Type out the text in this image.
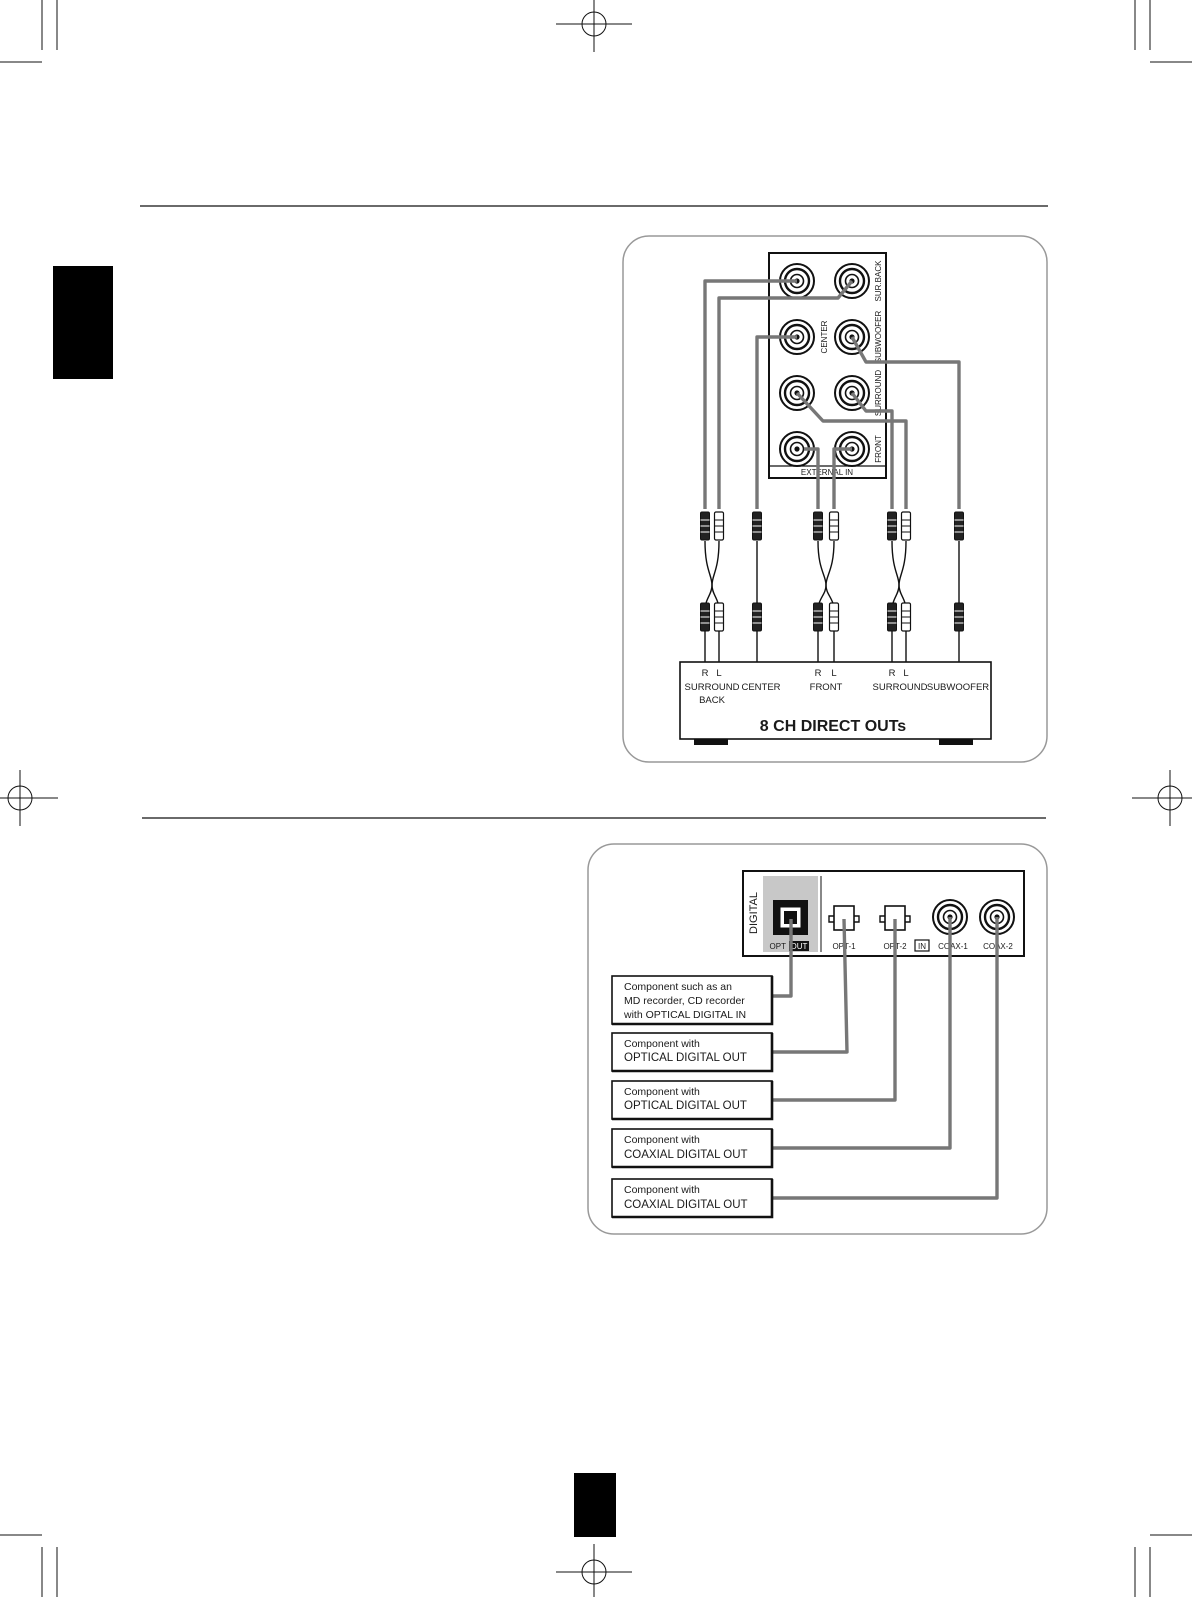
EXTERNAL IN
SUR.BACK
CENTER	SUBWOOFER
SURROUND
FRONT
R L
SURROUND
BACK
CENTER
R L
FRONT
R L
SURROUND SUBWOOFER
8 CH DIRECT OUTs
DIGITAL
OPT OUT	OPT-1	OPT-2 IN COAX-1 COAX-2
Component such as an
MD recorder, CD recorder
with OPTICAL DIGITAL IN
Component with
OPTICAL DIGITAL OUT
Component with
OPTICAL DIGITAL OUT
Component with
COAXIAL DIGITAL OUT
Component with
COAXIAL DIGITAL OUT
